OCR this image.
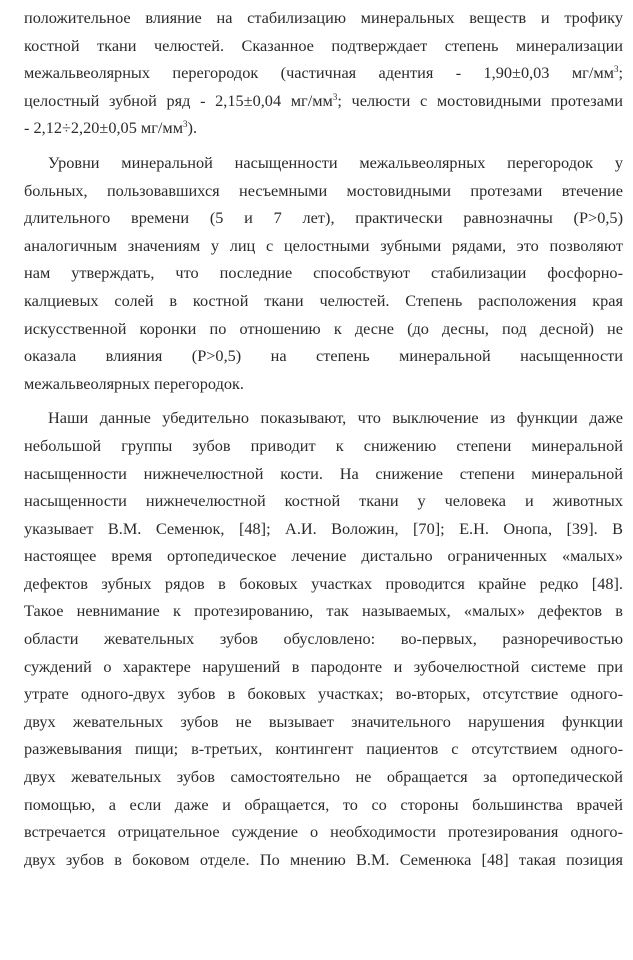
положительное влияние на стабилизацию минеральных веществ и трофику
костной ткани челюстей. Сказанное подтверждает степень минерализации
межальвеолярных перегородок (частичная адентия - 1,90±0,03 $мг/мм^3$;
целостный зубной ряд - 2,15±0,04 $мг/мм^3$; челюсти с мостовидными протезами
- 2,12÷2,20±0,05 $мг/мм^3$).
Уровни минеральной насыщенности межальвеолярных перегородок у
больных, пользовавшихся несъемными мостовидными протезами втечение
длительного времени (5 и 7 лет), практически равнозначны (Р>0,5)
аналогичным значениям у лиц с целостными зубными рядами, это позволяют
нам утверждать, что последние способствуют стабилизации фосфорно-
калциевых солей в костной ткани челюстей. Степень расположения края
искусственной коронки по отношению к десне (до десны, под десной) не
оказала влияния (Р>0,5) на степень минеральной насыщенности
межальвеолярных перегородок.
Наши данные убедительно показывают, что выключение из функции даже
небольшой группы зубов приводит к снижению степени минеральной
насыщенности нижнечелюстной кости. На снижение степени минеральной
насыщенности нижнечелюстной костной ткани у человека и животных
указывает В.М. Семенюк, [48]; А.И. Воложин, [70]; Е.Н. Онопа, [39]. В
настоящее время ортопедическое лечение дистально ограниченных «малых»
дефектов зубных рядов в боковых участках проводится крайне редко [48].
Такое невнимание к протезированию, так называемых, «малых» дефектов в
области жевательных зубов обусловлено: во-первых, разноречивостью
суждений о характере нарушений в пародонте и зубочелюстной системе при
утрате одного-двух зубов в боковых участках; во-вторых, отсутствие одного-
двух жевательных зубов не вызывает значительного нарушения функции
разжевывания пищи; в-третьих, контингент пациентов с отсутствием одного-
двух жевательных зубов самостоятельно не обращается за ортопедической
помощью, а если даже и обращается, то со стороны большинства врачей
встречается отрицательное суждение о необходимости протезирования одного-
двух зубов в боковом отделе. По мнению В.М. Семенюка [48] такая позиция
